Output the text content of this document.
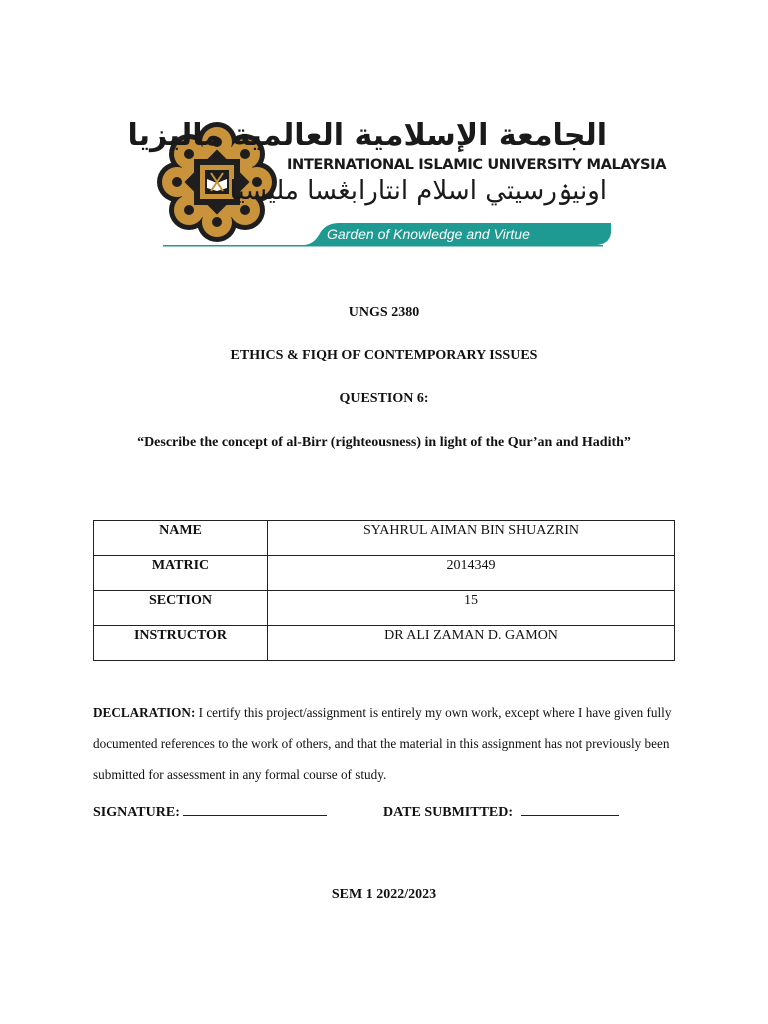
الجامعة الإسلامية العالمية ماليزيا
INTERNATIONAL ISLAMIC UNIVERSITY MALAYSIA
اونيۏرسيتي اسلام انتارابڠسا مليسيا
Garden of Knowledge and Virtue
UNGS 2380
ETHICS & FIQH OF CONTEMPORARY ISSUES
QUESTION 6:
“Describe the concept of al-Birr (righteousness) in light of the Qur’an and Hadith”
NAME	SYAHRUL AIMAN BIN SHUAZRIN
MATRIC	2014349
SECTION	15
INSTRUCTOR	DR ALI ZAMAN D. GAMON
DECLARATION: I certify this project/assignment is entirely my own work, except where I have given fully documented references to the work of others, and that the material in this assignment has not previously been submitted for assessment in any formal course of study.
SIGNATURE:	DATE SUBMITTED:
SEM 1 2022/2023
